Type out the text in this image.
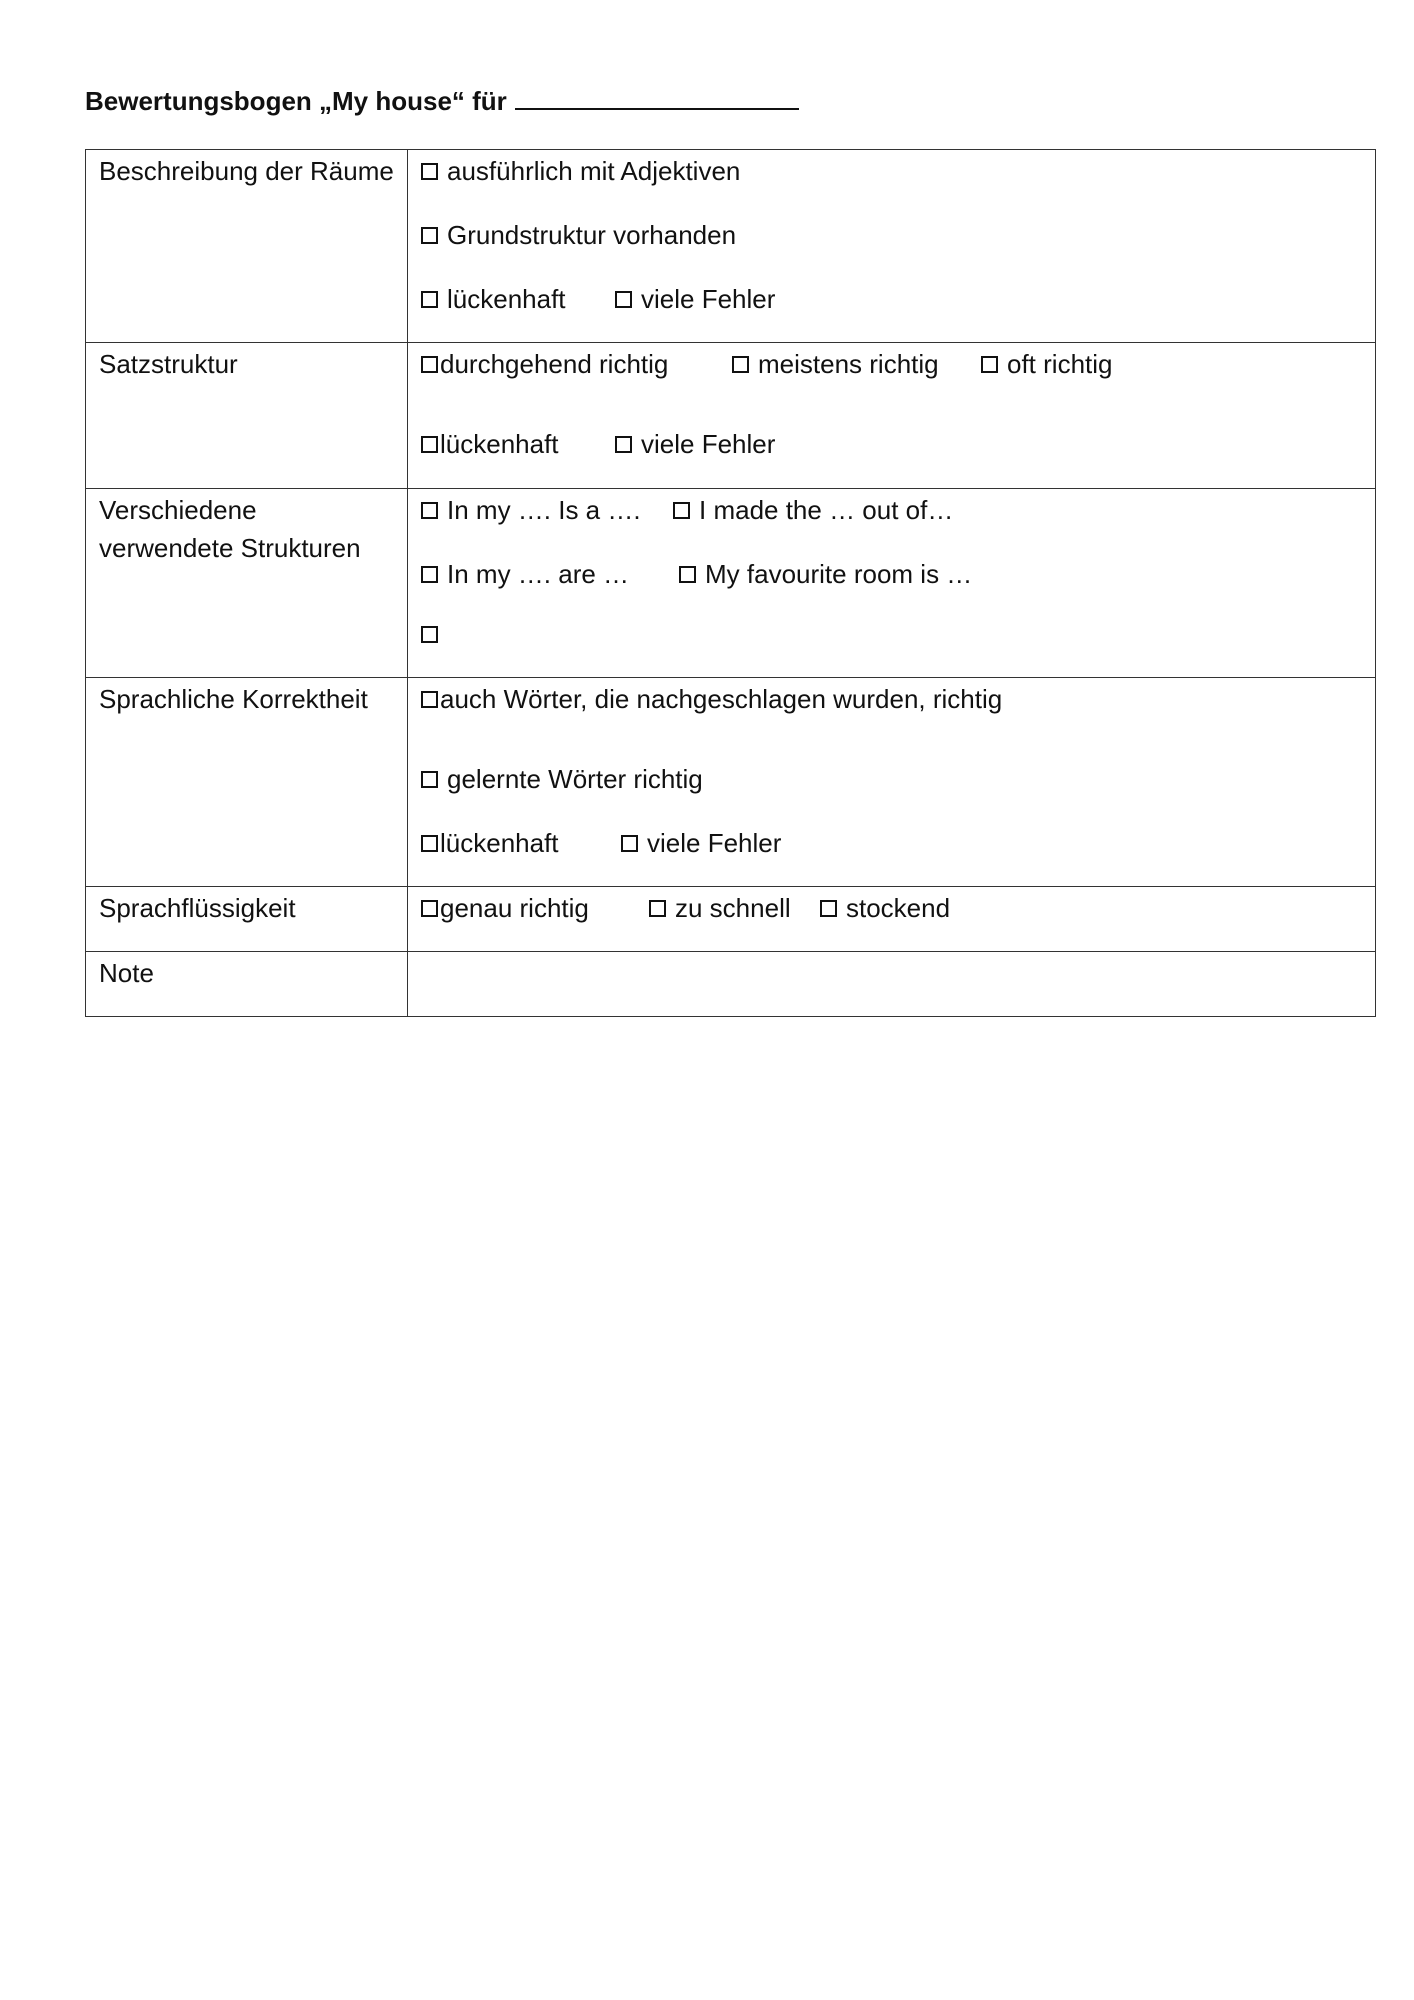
Bewertungsbogen „My house“ für
Beschreibung der Räume	ausführlich mit Adjektiven
Grundstruktur vorhanden
lückenhaft viele Fehler

Satzstruktur	durchgehend richtig meistens richtig oft richtig
lückenhaft viele Fehler

Verschiedene verwendete Strukturen	In my …. Is a …. I made the … out of…
In my …. are … My favourite room is …

Sprachliche Korrektheit	auch Wörter, die nachgeschlagen wurden, richtig
gelernte Wörter richtig
lückenhaft viele Fehler

Sprachflüssigkeit	genau richtig zu schnell stockend

Note	
